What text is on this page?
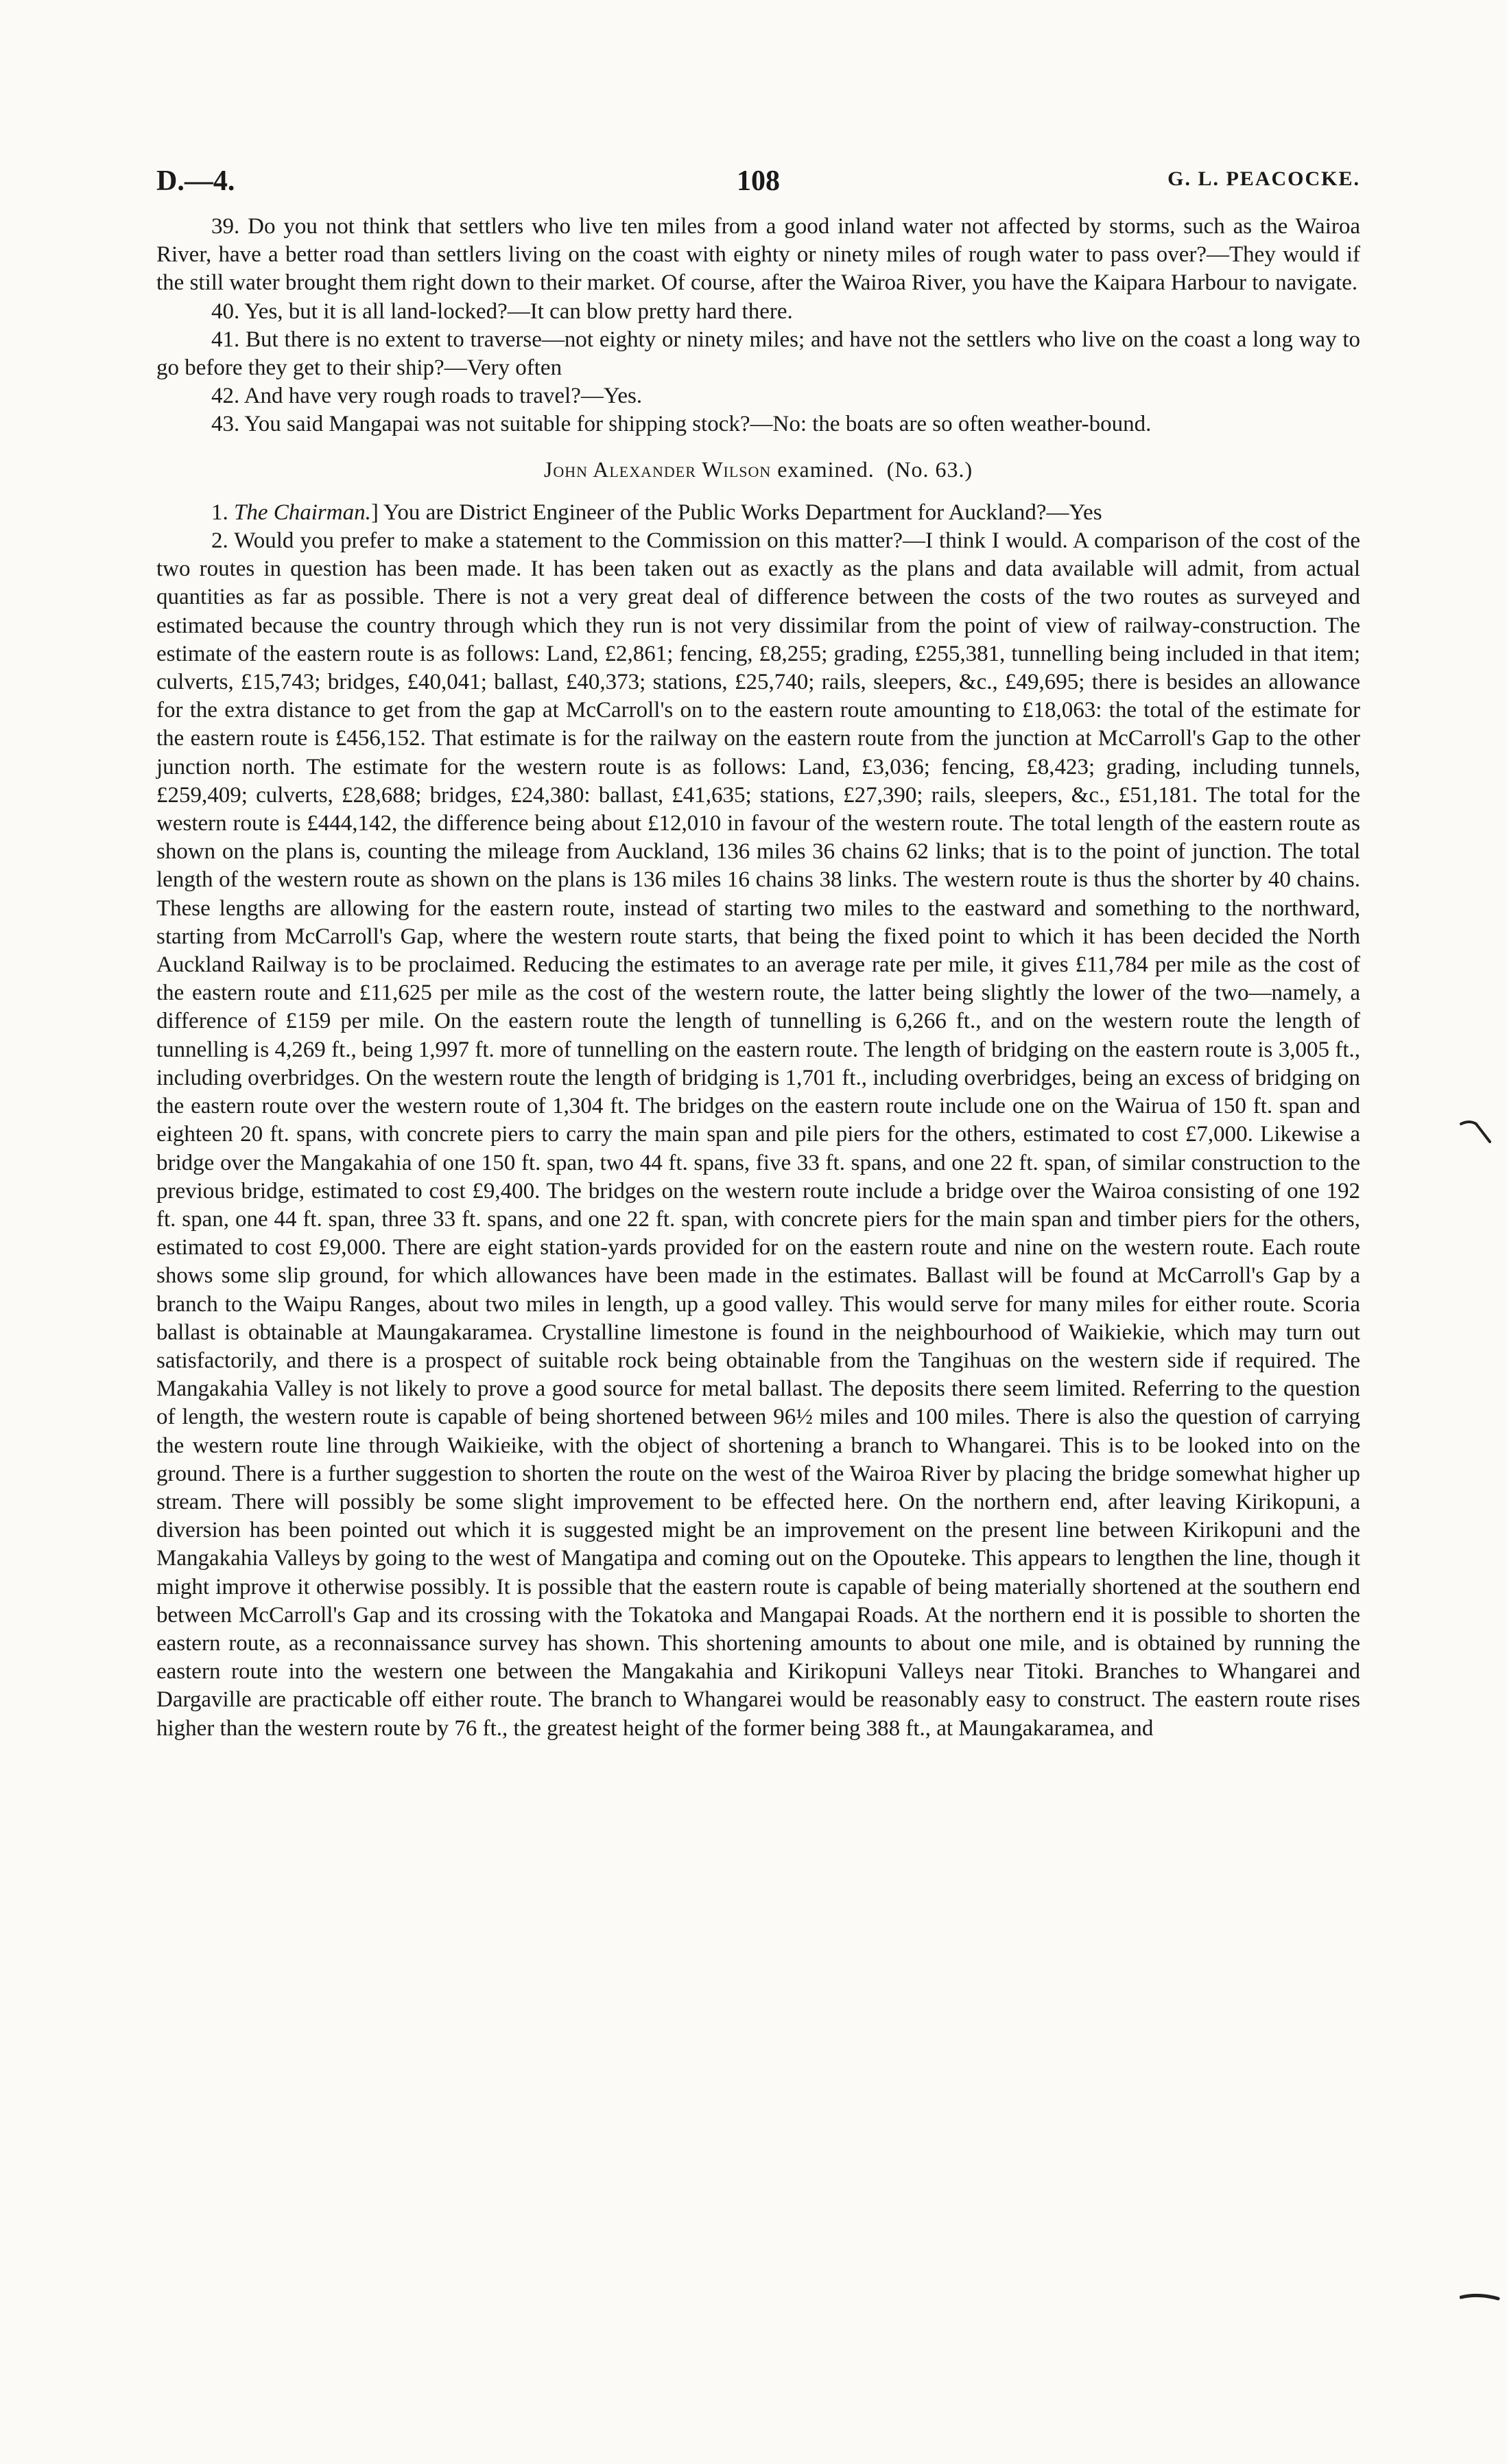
D.—4.	108	G. L. PEACOCKE.

39. Do you not think that settlers who live ten miles from a good inland water not affected by storms, such as the Wairoa River, have a better road than settlers living on the coast with eighty or ninety miles of rough water to pass over?—They would if the still water brought them right down to their market. Of course, after the Wairoa River, you have the Kaipara Harbour to navigate.

40. Yes, but it is all land-locked?—It can blow pretty hard there.

41. But there is no extent to traverse—not eighty or ninety miles; and have not the settlers who live on the coast a long way to go before they get to their ship?—Very often

42. And have very rough roads to travel?—Yes.

43. You said Mangapai was not suitable for shipping stock?—No: the boats are so often weather-bound.

John Alexander Wilson examined. (No. 63.)

1. The Chairman.] You are District Engineer of the Public Works Department for Auckland?—Yes

2. Would you prefer to make a statement to the Commission on this matter?—I think I would. A comparison of the cost of the two routes in question has been made. It has been taken out as exactly as the plans and data available will admit, from actual quantities as far as possible. There is not a very great deal of difference between the costs of the two routes as surveyed and estimated because the country through which they run is not very dissimilar from the point of view of railway-construction. The estimate of the eastern route is as follows: Land, £2,861; fencing, £8,255; grading, £255,381, tunnelling being included in that item; culverts, £15,743; bridges, £40,041; ballast, £40,373; stations, £25,740; rails, sleepers, &c., £49,695; there is besides an allowance for the extra distance to get from the gap at McCarroll's on to the eastern route amounting to £18,063: the total of the estimate for the eastern route is £456,152. That estimate is for the railway on the eastern route from the junction at McCarroll's Gap to the other junction north. The estimate for the western route is as follows: Land, £3,036; fencing, £8,423; grading, including tunnels, £259,409; culverts, £28,688; bridges, £24,380: ballast, £41,635; stations, £27,390; rails, sleepers, &c., £51,181. The total for the western route is £444,142, the difference being about £12,010 in favour of the western route. The total length of the eastern route as shown on the plans is, counting the mileage from Auckland, 136 miles 36 chains 62 links; that is to the point of junction. The total length of the western route as shown on the plans is 136 miles 16 chains 38 links. The western route is thus the shorter by 40 chains. These lengths are allowing for the eastern route, instead of starting two miles to the eastward and something to the northward, starting from McCarroll's Gap, where the western route starts, that being the fixed point to which it has been decided the North Auckland Railway is to be proclaimed. Reducing the estimates to an average rate per mile, it gives £11,784 per mile as the cost of the eastern route and £11,625 per mile as the cost of the western route, the latter being slightly the lower of the two—namely, a difference of £159 per mile. On the eastern route the length of tunnelling is 6,266 ft., and on the western route the length of tunnelling is 4,269 ft., being 1,997 ft. more of tunnelling on the eastern route. The length of bridging on the eastern route is 3,005 ft., including overbridges. On the western route the length of bridging is 1,701 ft., including overbridges, being an excess of bridging on the eastern route over the western route of 1,304 ft. The bridges on the eastern route include one on the Wairua of 150 ft. span and eighteen 20 ft. spans, with concrete piers to carry the main span and pile piers for the others, estimated to cost £7,000. Likewise a bridge over the Mangakahia of one 150 ft. span, two 44 ft. spans, five 33 ft. spans, and one 22 ft. span, of similar construction to the previous bridge, estimated to cost £9,400. The bridges on the western route include a bridge over the Wairoa consisting of one 192 ft. span, one 44 ft. span, three 33 ft. spans, and one 22 ft. span, with concrete piers for the main span and timber piers for the others, estimated to cost £9,000. There are eight station-yards provided for on the eastern route and nine on the western route. Each route shows some slip ground, for which allowances have been made in the estimates. Ballast will be found at McCarroll's Gap by a branch to the Waipu Ranges, about two miles in length, up a good valley. This would serve for many miles for either route. Scoria ballast is obtainable at Maungakaramea. Crystalline limestone is found in the neighbourhood of Waikiekie, which may turn out satisfactorily, and there is a prospect of suitable rock being obtainable from the Tangihuas on the western side if required. The Mangakahia Valley is not likely to prove a good source for metal ballast. The deposits there seem limited. Referring to the question of length, the western route is capable of being shortened between 96½ miles and 100 miles. There is also the question of carrying the western route line through Waikieike, with the object of shortening a branch to Whangarei. This is to be looked into on the ground. There is a further suggestion to shorten the route on the west of the Wairoa River by placing the bridge somewhat higher up stream. There will possibly be some slight improvement to be effected here. On the northern end, after leaving Kirikopuni, a diversion has been pointed out which it is suggested might be an improvement on the present line between Kirikopuni and the Mangakahia Valleys by going to the west of Mangatipa and coming out on the Opouteke. This appears to lengthen the line, though it might improve it otherwise possibly. It is possible that the eastern route is capable of being materially shortened at the southern end between McCarroll's Gap and its crossing with the Tokatoka and Mangapai Roads. At the northern end it is possible to shorten the eastern route, as a reconnaissance survey has shown. This shortening amounts to about one mile, and is obtained by running the eastern route into the western one between the Mangakahia and Kirikopuni Valleys near Titoki. Branches to Whangarei and Dargaville are practicable off either route. The branch to Whangarei would be reasonably easy to construct. The eastern route rises higher than the western route by 76 ft., the greatest height of the former being 388 ft., at Maungakaramea, and
